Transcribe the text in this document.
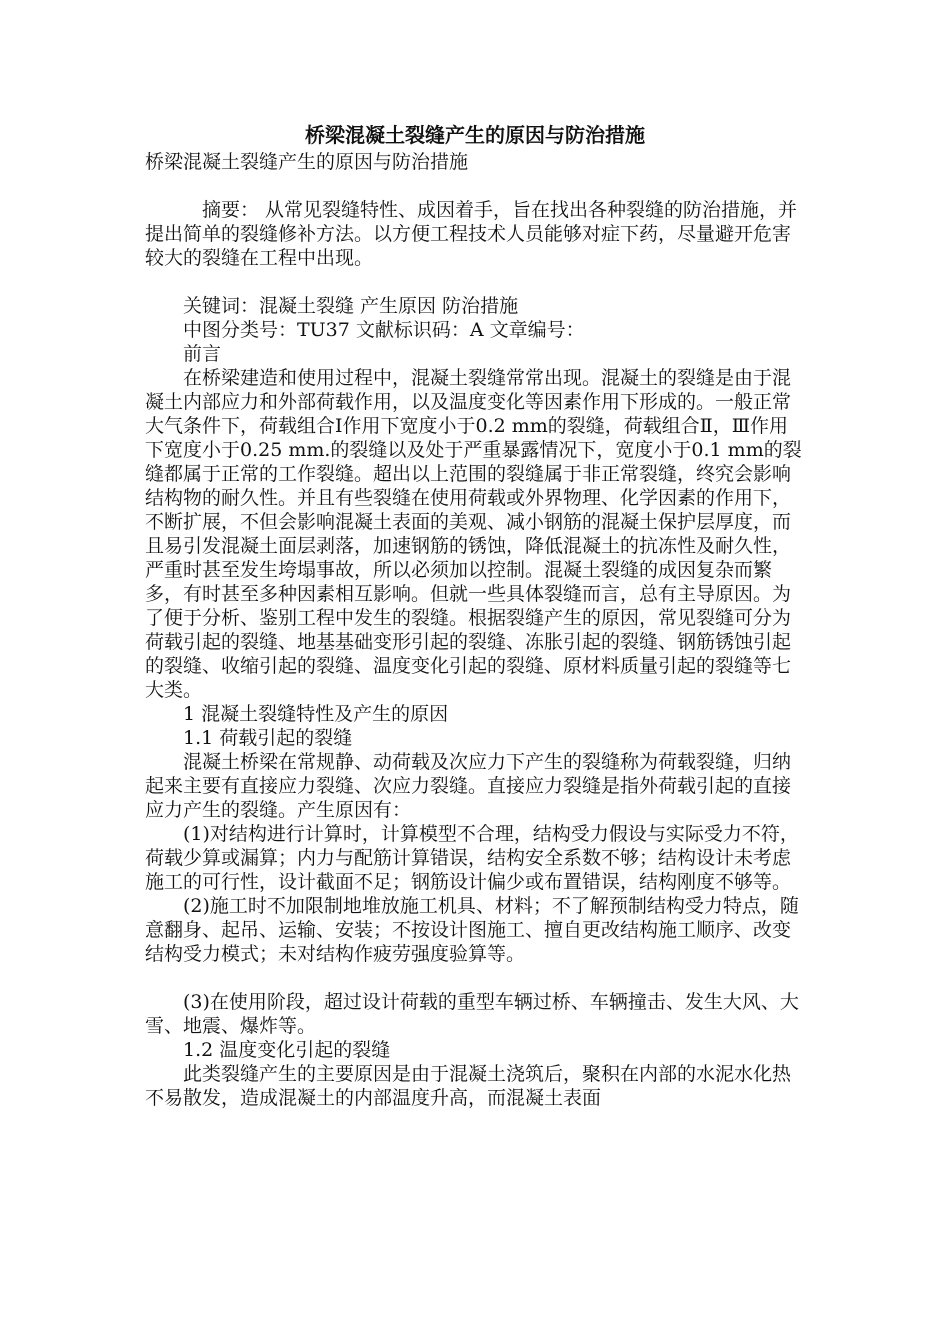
桥梁混凝土裂缝产生的原因与防治措施

桥梁混凝土裂缝产生的原因与防治措施

摘要： 从常见裂缝特性、成因着手，旨在找出各种裂缝的防治措施，并提出简单的裂缝修补方法。以方便工程技术人员能够对症下药，尽量避开危害较大的裂缝在工程中出现。

关键词：混凝土裂缝 产生原因 防治措施

中图分类号：TU37 文献标识码：A 文章编号：

前言

在桥梁建造和使用过程中，混凝土裂缝常常出现。混凝土的裂缝是由于混凝土内部应力和外部荷载作用，以及温度变化等因素作用下形成的。一般正常大气条件下，荷载组合Ⅰ作用下宽度小于0.2 mm的裂缝，荷载组合Ⅱ，Ⅲ作用下宽度小于0.25 mm.的裂缝以及处于严重暴露情况下，宽度小于0.1 mm的裂缝都属于正常的工作裂缝。超出以上范围的裂缝属于非正常裂缝，终究会影响结构物的耐久性。并且有些裂缝在使用荷载或外界物理、化学因素的作用下，不断扩展，不但会影响混凝土表面的美观、减小钢筋的混凝土保护层厚度，而且易引发混凝土面层剥落，加速钢筋的锈蚀，降低混凝土的抗冻性及耐久性，严重时甚至发生垮塌事故，所以必须加以控制。混凝土裂缝的成因复杂而繁多，有时甚至多种因素相互影响。但就一些具体裂缝而言，总有主导原因。为了便于分析、鉴别工程中发生的裂缝。根据裂缝产生的原因，常见裂缝可分为荷载引起的裂缝、地基基础变形引起的裂缝、冻胀引起的裂缝、钢筋锈蚀引起的裂缝、收缩引起的裂缝、温度变化引起的裂缝、原材料质量引起的裂缝等七大类。

1 混凝土裂缝特性及产生的原因

1.1 荷载引起的裂缝

混凝土桥梁在常规静、动荷载及次应力下产生的裂缝称为荷载裂缝，归纳起来主要有直接应力裂缝、次应力裂缝。直接应力裂缝是指外荷载引起的直接应力产生的裂缝。产生原因有：

(1)对结构进行计算时，计算模型不合理，结构受力假设与实际受力不符，荷载少算或漏算；内力与配筋计算错误，结构安全系数不够；结构设计未考虑施工的可行性，设计截面不足；钢筋设计偏少或布置错误，结构刚度不够等。

(2)施工时不加限制地堆放施工机具、材料；不了解预制结构受力特点，随意翻身、起吊、运输、安装；不按设计图施工、擅自更改结构施工顺序、改变结构受力模式；未对结构作疲劳强度验算等。

(3)在使用阶段，超过设计荷载的重型车辆过桥、车辆撞击、发生大风、大雪、地震、爆炸等。

1.2 温度变化引起的裂缝

此类裂缝产生的主要原因是由于混凝土浇筑后，聚积在内部的水泥水化热不易散发，造成混凝土的内部温度升高，而混凝土表面
